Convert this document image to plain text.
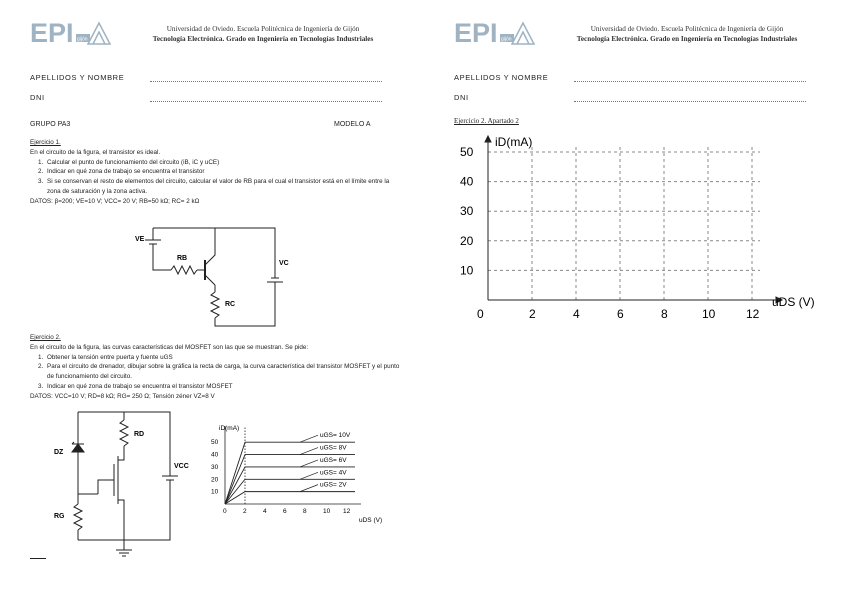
EPI gijón
Universidad de Oviedo. Escuela Politécnica de Ingeniería de Gijón
Tecnología Electrónica. Grado en Ingeniería en Tecnologías Industriales
APELLIDOS Y NOMBRE
DNI
GRUPO PA3	MODELO A
Ejercicio 1.
En el circuito de la figura, el transistor es ideal.
1. Calcular el punto de funcionamiento del circuito (iB, iC y uCE)
2. Indicar en qué zona de trabajo se encuentra el transistor
3. Si se conservan el resto de elementos del circuito, calcular el valor de RB para el cual el transistor está en el límite entre la zona de saturación y la zona activa.
DATOS: β=200; VE=10 V; VCC= 20 V; RB=50 kΩ; RC= 2 kΩ
VE
RB
VC
RC
Ejercicio 2.
En el circuito de la figura, las curvas características del MOSFET son las que se muestran. Se pide:
1. Obtener la tensión entre puerta y fuente uGS
2. Para el circuito de drenador, dibujar sobre la gráfica la recta de carga, la curva característica del transistor MOSFET y el punto de funcionamiento del circuito.
3. Indicar en qué zona de trabajo se encuentra el transistor MOSFET
DATOS: VCC=10 V; RD=8 kΩ; RG= 250 Ω; Tensión zéner VZ=8 V
DZ
RD
RG
VCC
uGS= 10V
uGS= 8V
uGS= 6V
uGS= 4V
uGS= 2V
0	2	4	6	8	10 12
10
20
30
40
50
iD(mA)
uDS (V)
EPI gijón
Universidad de Oviedo. Escuela Politécnica de Ingeniería de Gijón
Tecnología Electrónica. Grado en Ingeniería en Tecnologías Industriales
APELLIDOS Y NOMBRE
DNI
Ejercicio 2. Apartado 2
0	2	4	6	8	10	12
10
20
30
40
50
iD(mA)
uDS (V)
